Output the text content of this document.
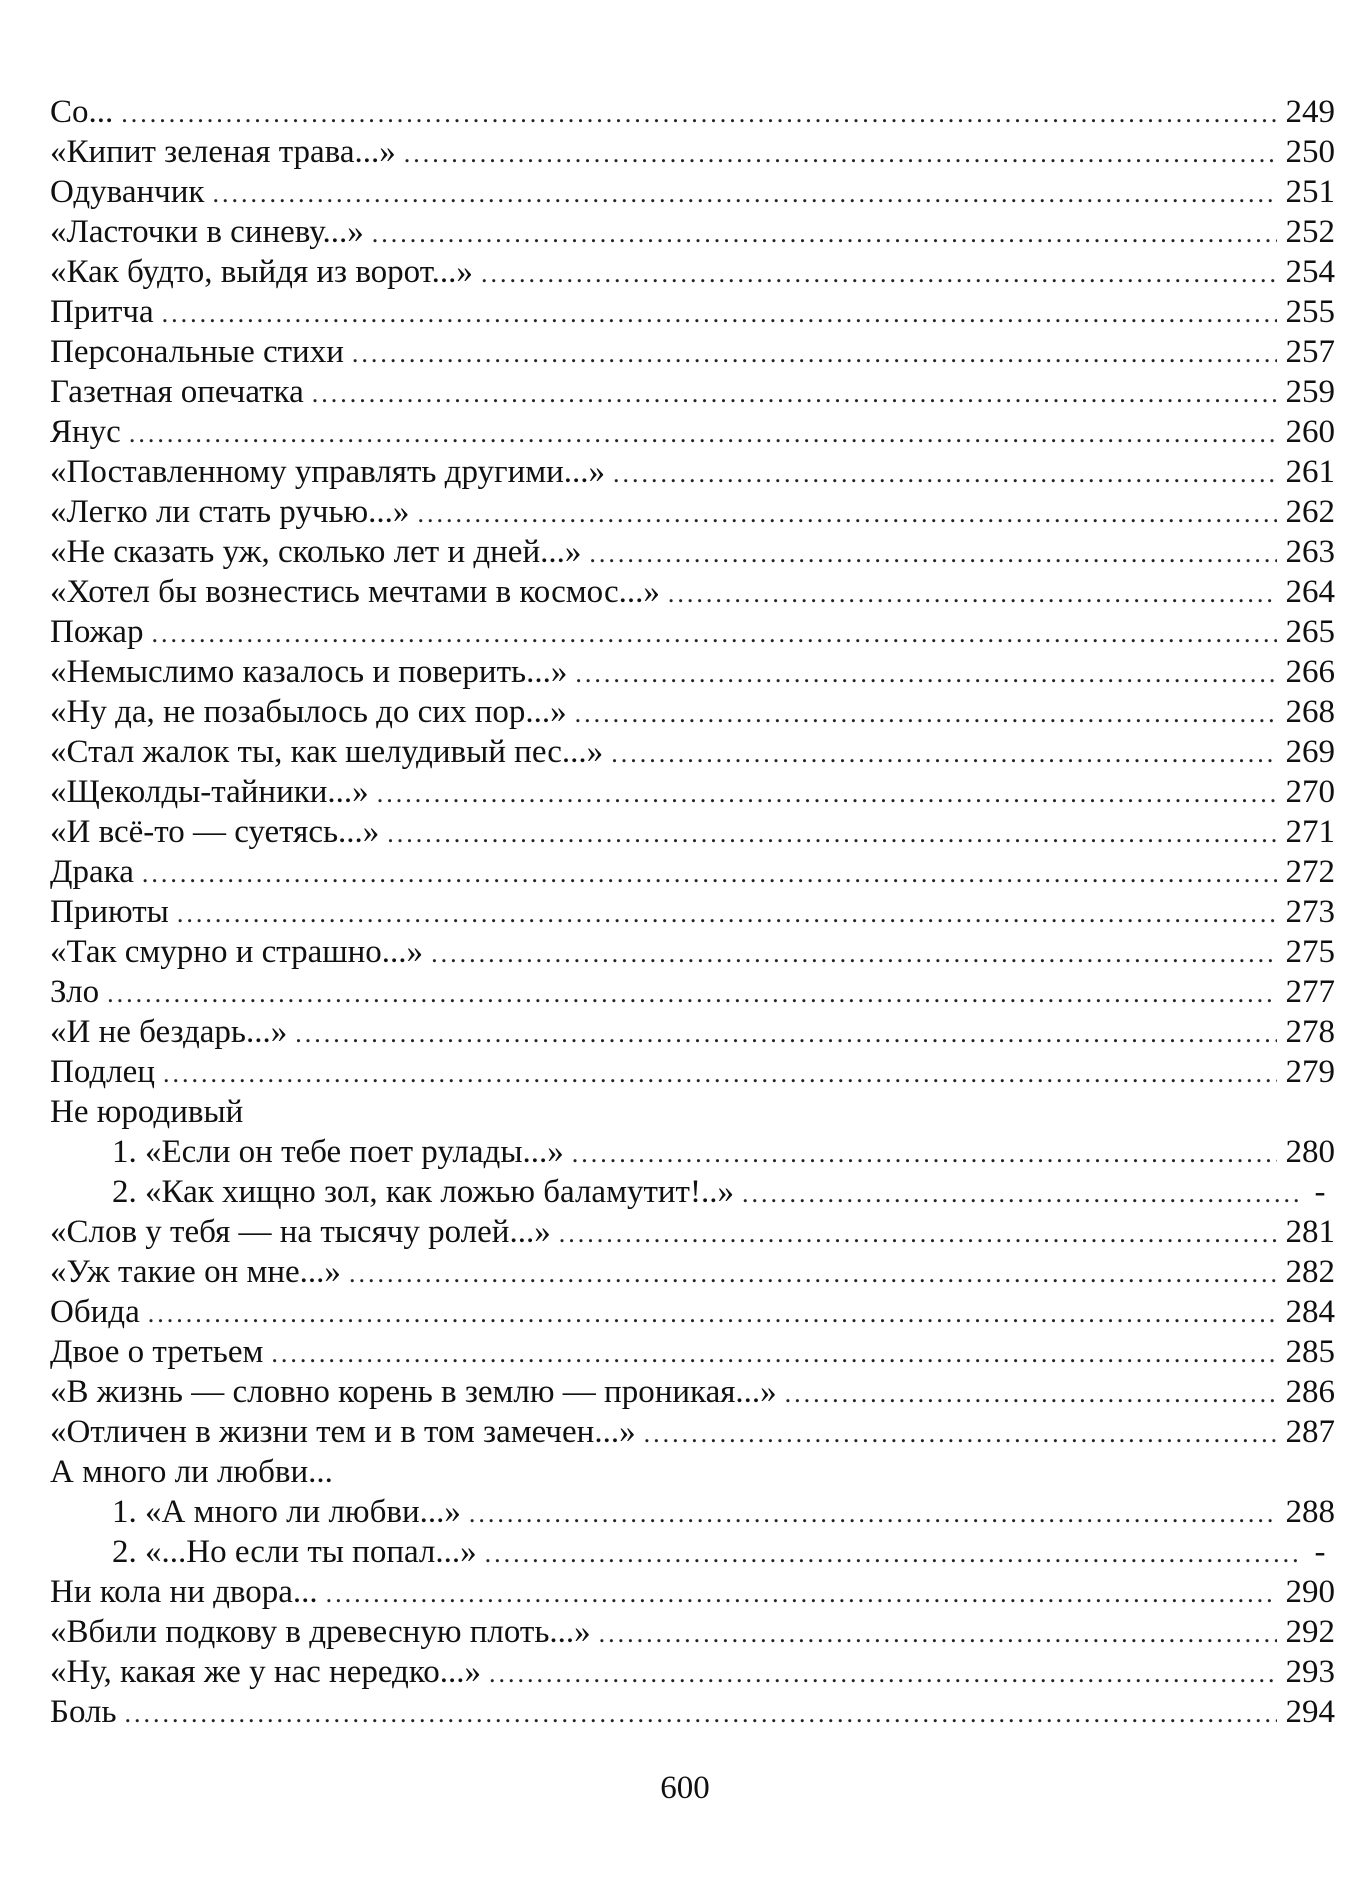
Со... .....	249
«Кипит зеленая трава...» .....	250
Одуванчик .....	251
«Ласточки в синеву...» .....	252
«Как будто, выйдя из ворот...» .....	254
Притча .....	255
Персональные стихи .....	257
Газетная опечатка .....	259
Янус .....	260
«Поставленному управлять другими...» .....	261
«Легко ли стать ручью...» .....	262
«Не сказать уж, сколько лет и дней...» .....	263
«Хотел бы вознестись мечтами в космос...» .....	264
Пожар .....	265
«Немыслимо казалось и поверить...» .....	266
«Ну да, не позабылось до сих пор...» .....	268
«Стал жалок ты, как шелудивый пес...» .....	269
«Щеколды-тайники...» .....	270
«И всё-то — суетясь...» .....	271
Драка .....	272
Приюты .....	273
«Так смурно и страшно...» .....	275
Зло .....	277
«И не бездарь...» .....	278
Подлец .....	279
Не юродивый
1. «Если он тебе поет рулады...» .....	280
2. «Как хищно зол, как ложью баламутит!..» .....	-
«Слов у тебя — на тысячу ролей...» .....	281
«Уж такие он мне...» .....	282
Обида .....	284
Двое о третьем .....	285
«В жизнь — словно корень в землю — проникая...» .....	286
«Отличен в жизни тем и в том замечен...» .....	287
А много ли любви...
1. «А много ли любви...» .....	288
2. «...Но если ты попал...» .....	-
Ни кола ни двора... .....	290
«Вбили подкову в древесную плоть...» .....	292
«Ну, какая же у нас нередко...» .....	293
Боль .....	294
600
